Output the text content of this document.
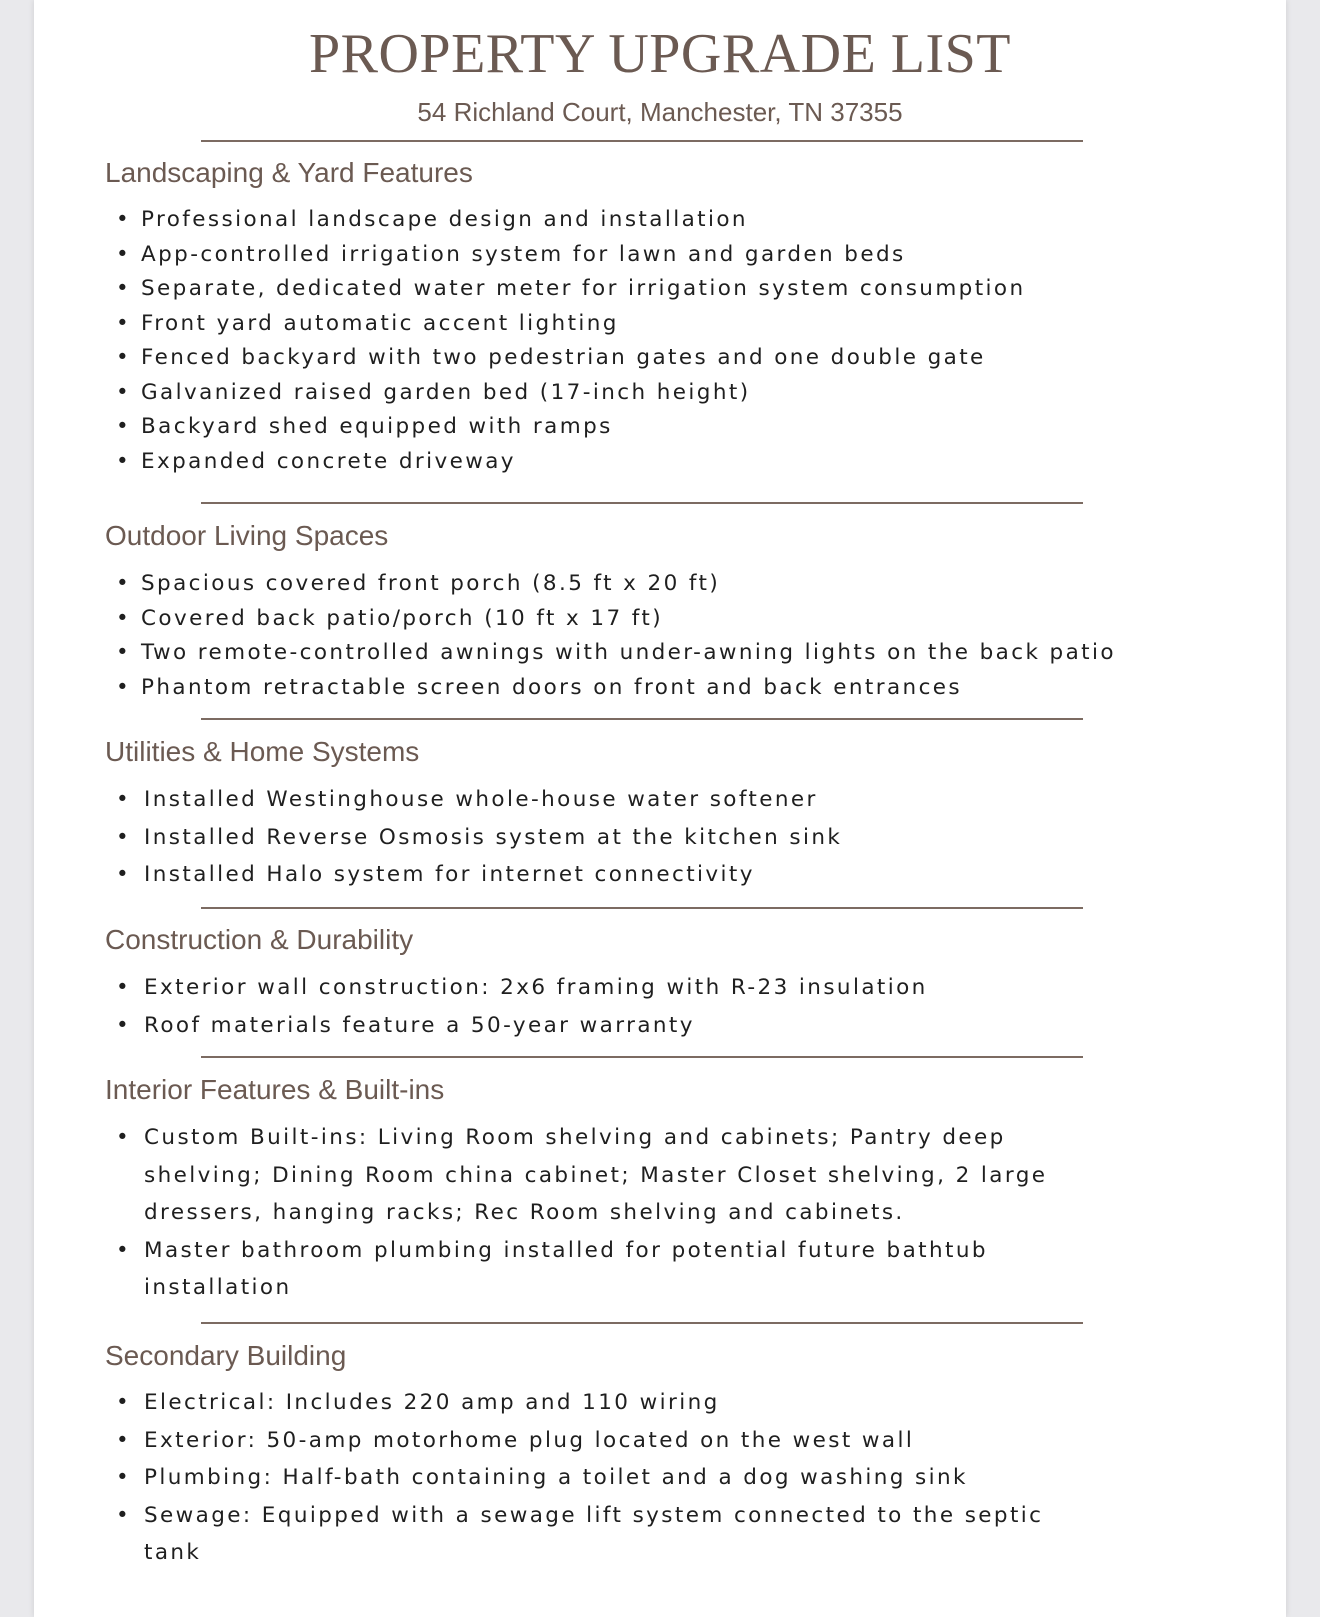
PROPERTY UPGRADE LIST
54 Richland Court, Manchester, TN 37355
Landscaping & Yard Features
• Professional landscape design and installation
• App-controlled irrigation system for lawn and garden beds
• Separate, dedicated water meter for irrigation system consumption
• Front yard automatic accent lighting
• Fenced backyard with two pedestrian gates and one double gate
• Galvanized raised garden bed (17-inch height)
• Backyard shed equipped with ramps
• Expanded concrete driveway
Outdoor Living Spaces
• Spacious covered front porch (8.5 ft x 20 ft)
• Covered back patio/porch (10 ft x 17 ft)
• Two remote-controlled awnings with under-awning lights on the back patio
• Phantom retractable screen doors on front and back entrances
Utilities & Home Systems
• Installed Westinghouse whole-house water softener
• Installed Reverse Osmosis system at the kitchen sink
• Installed Halo system for internet connectivity
Construction & Durability
• Exterior wall construction: 2x6 framing with R-23 insulation
• Roof materials feature a 50-year warranty
Interior Features & Built-ins
• Custom Built-ins: Living Room shelving and cabinets; Pantry deep shelving; Dining Room china cabinet; Master Closet shelving, 2 large dressers, hanging racks; Rec Room shelving and cabinets.
• Master bathroom plumbing installed for potential future bathtub installation
Secondary Building
• Electrical: Includes 220 amp and 110 wiring
• Exterior: 50-amp motorhome plug located on the west wall
• Plumbing: Half-bath containing a toilet and a dog washing sink
• Sewage: Equipped with a sewage lift system connected to the septic tank
